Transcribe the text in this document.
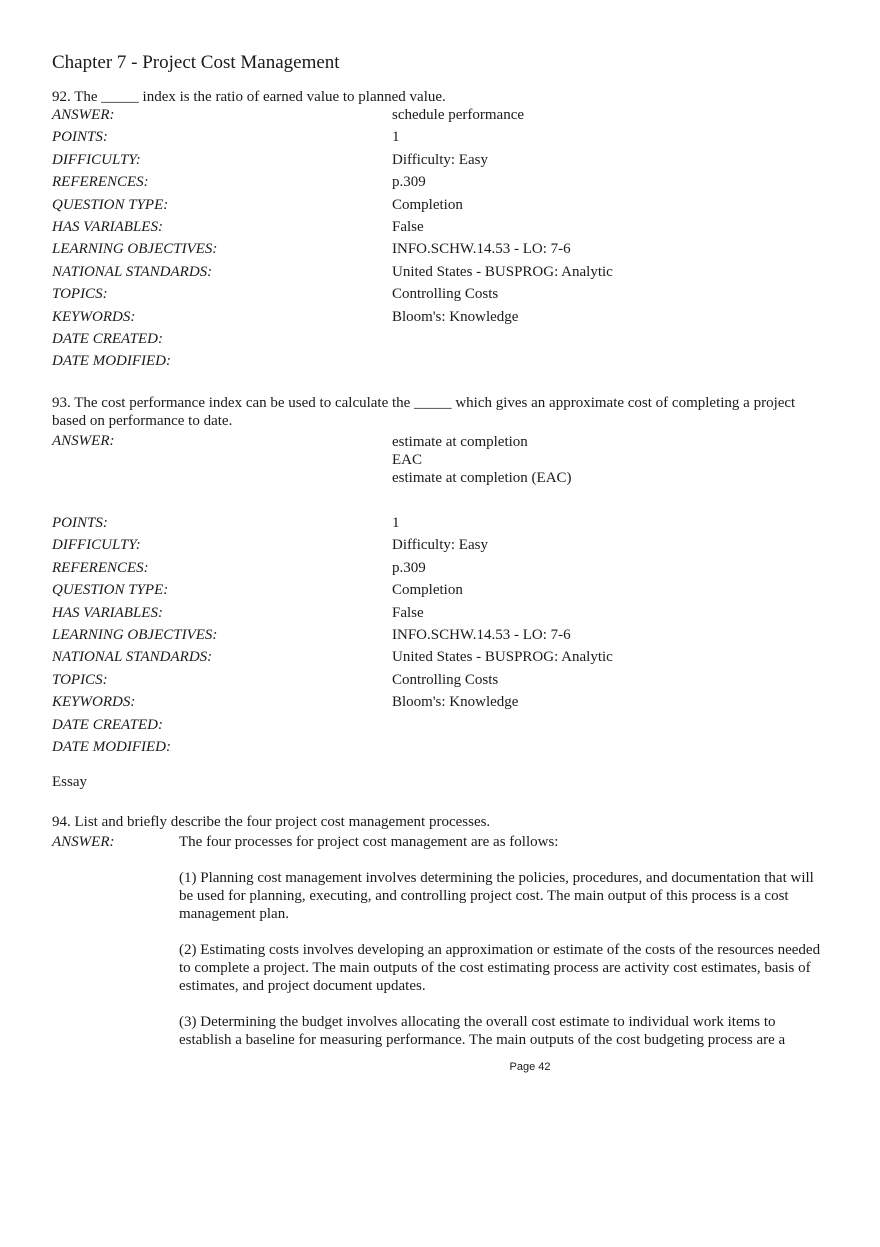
Chapter 7 - Project Cost Management
92. The _____ index is the ratio of earned value to planned value.
ANSWER:	schedule performance
POINTS:	1
DIFFICULTY:	Difficulty: Easy
REFERENCES:	p.309
QUESTION TYPE:	Completion
HAS VARIABLES:	False
LEARNING OBJECTIVES:	INFO.SCHW.14.53 - LO: 7-6
NATIONAL STANDARDS:	United States - BUSPROG: Analytic
TOPICS:	Controlling Costs
KEYWORDS:	Bloom's: Knowledge
DATE CREATED:
DATE MODIFIED:
93. The cost performance index can be used to calculate the _____ which gives an approximate cost of completing a project based on performance to date.
ANSWER:	estimate at completion
EAC
estimate at completion (EAC)
POINTS:	1
DIFFICULTY:	Difficulty: Easy
REFERENCES:	p.309
QUESTION TYPE:	Completion
HAS VARIABLES:	False
LEARNING OBJECTIVES:	INFO.SCHW.14.53 - LO: 7-6
NATIONAL STANDARDS:	United States - BUSPROG: Analytic
TOPICS:	Controlling Costs
KEYWORDS:	Bloom's: Knowledge
DATE CREATED:
DATE MODIFIED:
Essay
94. List and briefly describe the four project cost management processes.
ANSWER:	The four processes for project cost management are as follows:

(1) Planning cost management involves determining the policies, procedures, and documentation that will be used for planning, executing, and controlling project cost. The main output of this process is a cost management plan.

(2) Estimating costs involves developing an approximation or estimate of the costs of the resources needed to complete a project. The main outputs of the cost estimating process are activity cost estimates, basis of estimates, and project document updates.

(3) Determining the budget involves allocating the overall cost estimate to individual work items to establish a baseline for measuring performance. The main outputs of the cost budgeting process are a

Page 42
